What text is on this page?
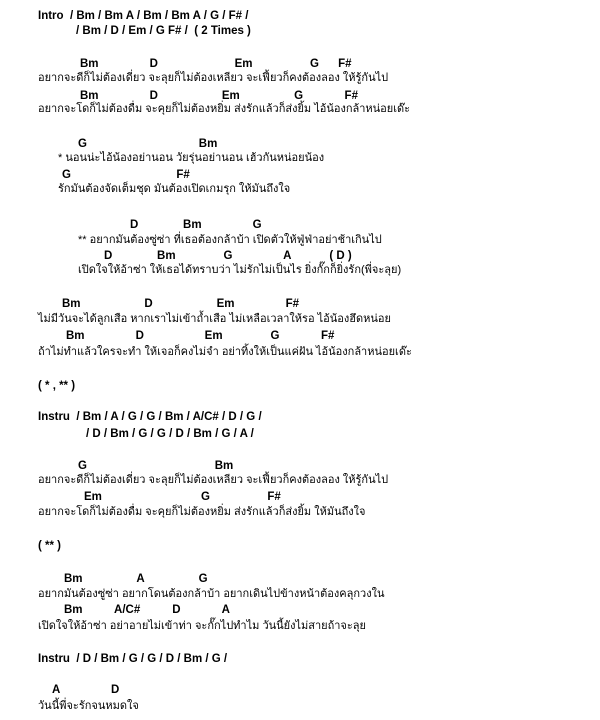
Intro  / Bm / Bm A / Bm / Bm A / G / F# /
/ Bm / D / Em / G F# /  ( 2 Times )
Bm                D                        Em                  G      F#
อยากจะดีก็ไม่ต้องเดี่ยว จะลุยก็ไม่ต้องเหลียว จะเฟี้ยวก็คงต้องลอง ให้รู้กันไป
Bm                D                    Em                 G             F#
อยากจะโดก็ไม่ต้องดื่ม จะคุยก็ไม่ต้องหยิ่ม ส่งรักแล้วก็ส่งยิ้ม ไอ้น้องกล้าหน่อยเด๊ะ
G                                   Bm
* นอนน่ะไอ้น้องอย่านอน วัยรุ่นอย่านอน เฮ้วกันหน่อยน้อง
G                                 F#
รักมันต้องจัดเต็มชุด มันต้องเปิดเกมรุก ให้มันถึงใจ
D              Bm                G
** อยากมันต้องซู่ซ่า ที่เธอต้องกล้าบ้า เปิดตัวให้ฟู่ฟ่าอย่าช้าเกินไป
D              Bm               G                A            ( D )
เปิดใจให้อ้าซ่า ให้เธอได้ทราบว่า ไม่รักไม่เป็นไร ยิ่งกั๊กก็ยิ่งรัก(พี่จะลุย)
Bm                    D                    Em                F#
ไม่มีวันจะได้ลูกเสือ หากเราไม่เข้าถ้ำเสือ ไม่เหลือเวลาให้รอ ไอ้น้องฮึดหน่อย
Bm                D                   Em               G             F#
ถ้าไม่ทำแล้วใครจะทำ ให้เจอก็คงไม่จำ อย่าทิ้งให้เป็นแค่ฝัน ไอ้น้องกล้าหน่อยเด๊ะ
( * , ** )
Instru  / Bm / A / G / G / Bm / A/C# / D / G /
/ D / Bm / G / G / D / Bm / G / A /
G                                        Bm
อยากจะดีก็ไม่ต้องเดี่ยว จะลุยก็ไม่ต้องเหลียว จะเฟี้ยวก็คงต้องลอง ให้รู้กันไป
Em                               G                  F#
อยากจะโดก็ไม่ต้องดื่ม จะคุยก็ไม่ต้องหยิ่ม ส่งรักแล้วก็ส่งยิ้ม ให้มันถึงใจ
( ** )
Bm                 A                 G
อยากมันต้องซู่ซ่า อยากโดนต้องกล้าบ้า อยากเดินไปข้างหน้าต้องคลุกวงใน
Bm          A/C#          D             A
เปิดใจให้อ้าซ่า อย่าอายไม่เข้าท่า จะกั๊กไปทำไม วันนี้ยังไม่สายถ้าจะลุย
Instru  / D / Bm / G / G / D / Bm / G /
A                D
วันนี้พี่จะรักจนหมดใจ
